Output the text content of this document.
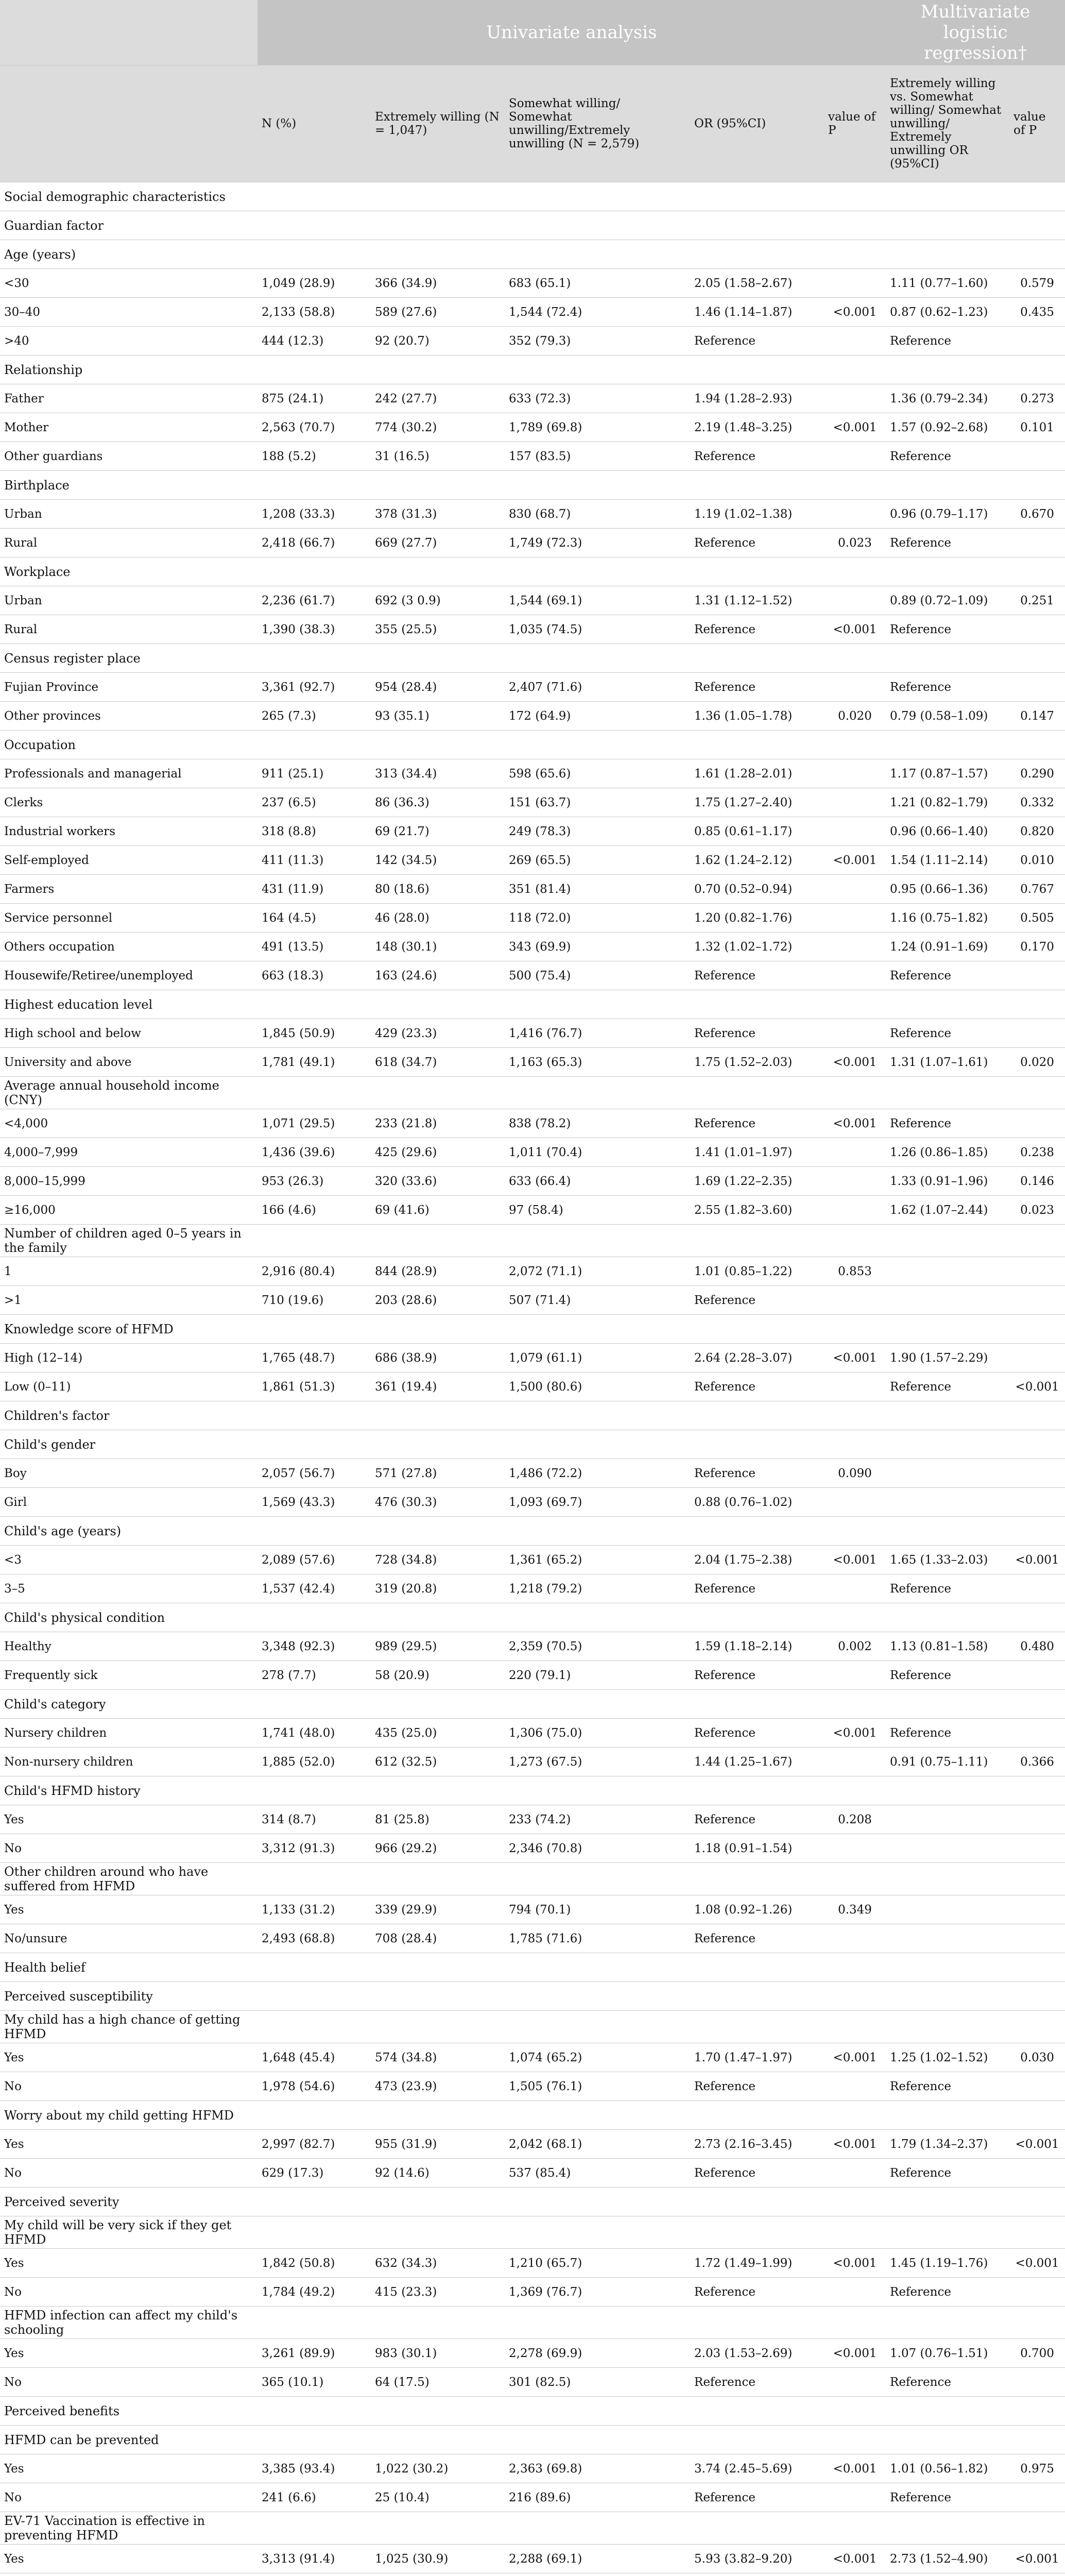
	Univariate analysis					Multivariate logistic regression†	
	N (%)	Extremely willing (N = 1,047)	Somewhat willing/ Somewhat unwilling/Extremely unwilling (N = 2,579)	OR (95%CI)	value of P	Extremely willing vs. Somewhat willing/ Somewhat unwilling/ Extremely unwilling OR (95%CI)	value of P
Social demographic characteristics							
Guardian factor							
Age (years)							
<30	1,049 (28.9)	366 (34.9)	683 (65.1)	2.05 (1.58–2.67)		1.11 (0.77–1.60)	0.579
30–40	2,133 (58.8)	589 (27.6)	1,544 (72.4)	1.46 (1.14–1.87)	<0.001	0.87 (0.62–1.23)	0.435
>40	444 (12.3)	92 (20.7)	352 (79.3)	Reference		Reference	
Relationship							
Father	875 (24.1)	242 (27.7)	633 (72.3)	1.94 (1.28–2.93)		1.36 (0.79–2.34)	0.273
Mother	2,563 (70.7)	774 (30.2)	1,789 (69.8)	2.19 (1.48–3.25)	<0.001	1.57 (0.92–2.68)	0.101
Other guardians	188 (5.2)	31 (16.5)	157 (83.5)	Reference		Reference	
Birthplace							
Urban	1,208 (33.3)	378 (31.3)	830 (68.7)	1.19 (1.02–1.38)		0.96 (0.79–1.17)	0.670
Rural	2,418 (66.7)	669 (27.7)	1,749 (72.3)	Reference	0.023	Reference	
Workplace							
Urban	2,236 (61.7)	692 (3 0.9)	1,544 (69.1)	1.31 (1.12–1.52)		0.89 (0.72–1.09)	0.251
Rural	1,390 (38.3)	355 (25.5)	1,035 (74.5)	Reference	<0.001	Reference	
Census register place							
Fujian Province	3,361 (92.7)	954 (28.4)	2,407 (71.6)	Reference		Reference	
Other provinces	265 (7.3)	93 (35.1)	172 (64.9)	1.36 (1.05–1.78)	0.020	0.79 (0.58–1.09)	0.147
Occupation							
Professionals and managerial	911 (25.1)	313 (34.4)	598 (65.6)	1.61 (1.28–2.01)		1.17 (0.87–1.57)	0.290
Clerks	237 (6.5)	86 (36.3)	151 (63.7)	1.75 (1.27–2.40)		1.21 (0.82–1.79)	0.332
Industrial workers	318 (8.8)	69 (21.7)	249 (78.3)	0.85 (0.61–1.17)		0.96 (0.66–1.40)	0.820
Self-employed	411 (11.3)	142 (34.5)	269 (65.5)	1.62 (1.24–2.12)	<0.001	1.54 (1.11–2.14)	0.010
Farmers	431 (11.9)	80 (18.6)	351 (81.4)	0.70 (0.52–0.94)		0.95 (0.66–1.36)	0.767
Service personnel	164 (4.5)	46 (28.0)	118 (72.0)	1.20 (0.82–1.76)		1.16 (0.75–1.82)	0.505
Others occupation	491 (13.5)	148 (30.1)	343 (69.9)	1.32 (1.02–1.72)		1.24 (0.91–1.69)	0.170
Housewife/Retiree/unemployed	663 (18.3)	163 (24.6)	500 (75.4)	Reference		Reference	
Highest education level							
High school and below	1,845 (50.9)	429 (23.3)	1,416 (76.7)	Reference		Reference	
University and above	1,781 (49.1)	618 (34.7)	1,163 (65.3)	1.75 (1.52–2.03)	<0.001	1.31 (1.07–1.61)	0.020
Average annual household income (CNY)							
<4,000	1,071 (29.5)	233 (21.8)	838 (78.2)	Reference	<0.001	Reference	
4,000–7,999	1,436 (39.6)	425 (29.6)	1,011 (70.4)	1.41 (1.01–1.97)		1.26 (0.86–1.85)	0.238
8,000–15,999	953 (26.3)	320 (33.6)	633 (66.4)	1.69 (1.22–2.35)		1.33 (0.91–1.96)	0.146
≥16,000	166 (4.6)	69 (41.6)	97 (58.4)	2.55 (1.82–3.60)		1.62 (1.07–2.44)	0.023
Number of children aged 0–5 years in the family							
1	2,916 (80.4)	844 (28.9)	2,072 (71.1)	1.01 (0.85–1.22)	0.853		
>1	710 (19.6)	203 (28.6)	507 (71.4)	Reference			
Knowledge score of HFMD							
High (12–14)	1,765 (48.7)	686 (38.9)	1,079 (61.1)	2.64 (2.28–3.07)	<0.001	1.90 (1.57–2.29)	
Low (0–11)	1,861 (51.3)	361 (19.4)	1,500 (80.6)	Reference		Reference	<0.001
Children's factor							
Child's gender							
Boy	2,057 (56.7)	571 (27.8)	1,486 (72.2)	Reference	0.090		
Girl	1,569 (43.3)	476 (30.3)	1,093 (69.7)	0.88 (0.76–1.02)			
Child's age (years)							
<3	2,089 (57.6)	728 (34.8)	1,361 (65.2)	2.04 (1.75–2.38)	<0.001	1.65 (1.33–2.03)	<0.001
3–5	1,537 (42.4)	319 (20.8)	1,218 (79.2)	Reference		Reference	
Child's physical condition							
Healthy	3,348 (92.3)	989 (29.5)	2,359 (70.5)	1.59 (1.18–2.14)	0.002	1.13 (0.81–1.58)	0.480
Frequently sick	278 (7.7)	58 (20.9)	220 (79.1)	Reference		Reference	
Child's category							
Nursery children	1,741 (48.0)	435 (25.0)	1,306 (75.0)	Reference	<0.001	Reference	
Non-nursery children	1,885 (52.0)	612 (32.5)	1,273 (67.5)	1.44 (1.25–1.67)		0.91 (0.75–1.11)	0.366
Child's HFMD history							
Yes	314 (8.7)	81 (25.8)	233 (74.2)	Reference	0.208		
No	3,312 (91.3)	966 (29.2)	2,346 (70.8)	1.18 (0.91–1.54)			
Other children around who have suffered from HFMD							
Yes	1,133 (31.2)	339 (29.9)	794 (70.1)	1.08 (0.92–1.26)	0.349		
No/unsure	2,493 (68.8)	708 (28.4)	1,785 (71.6)	Reference			
Health belief							
Perceived susceptibility							
My child has a high chance of getting HFMD							
Yes	1,648 (45.4)	574 (34.8)	1,074 (65.2)	1.70 (1.47–1.97)	<0.001	1.25 (1.02–1.52)	0.030
No	1,978 (54.6)	473 (23.9)	1,505 (76.1)	Reference		Reference	
Worry about my child getting HFMD							
Yes	2,997 (82.7)	955 (31.9)	2,042 (68.1)	2.73 (2.16–3.45)	<0.001	1.79 (1.34–2.37)	<0.001
No	629 (17.3)	92 (14.6)	537 (85.4)	Reference		Reference	
Perceived severity							
My child will be very sick if they get HFMD							
Yes	1,842 (50.8)	632 (34.3)	1,210 (65.7)	1.72 (1.49–1.99)	<0.001	1.45 (1.19–1.76)	<0.001
No	1,784 (49.2)	415 (23.3)	1,369 (76.7)	Reference		Reference	
HFMD infection can affect my child's schooling							
Yes	3,261 (89.9)	983 (30.1)	2,278 (69.9)	2.03 (1.53–2.69)	<0.001	1.07 (0.76–1.51)	0.700
No	365 (10.1)	64 (17.5)	301 (82.5)	Reference		Reference	
Perceived benefits							
HFMD can be prevented							
Yes	3,385 (93.4)	1,022 (30.2)	2,363 (69.8)	3.74 (2.45–5.69)	<0.001	1.01 (0.56–1.82)	0.975
No	241 (6.6)	25 (10.4)	216 (89.6)	Reference		Reference	
EV-71 Vaccination is effective in preventing HFMD							
Yes	3,313 (91.4)	1,025 (30.9)	2,288 (69.1)	5.93 (3.82–9.20)	<0.001	2.73 (1.52–4.90)	<0.001
